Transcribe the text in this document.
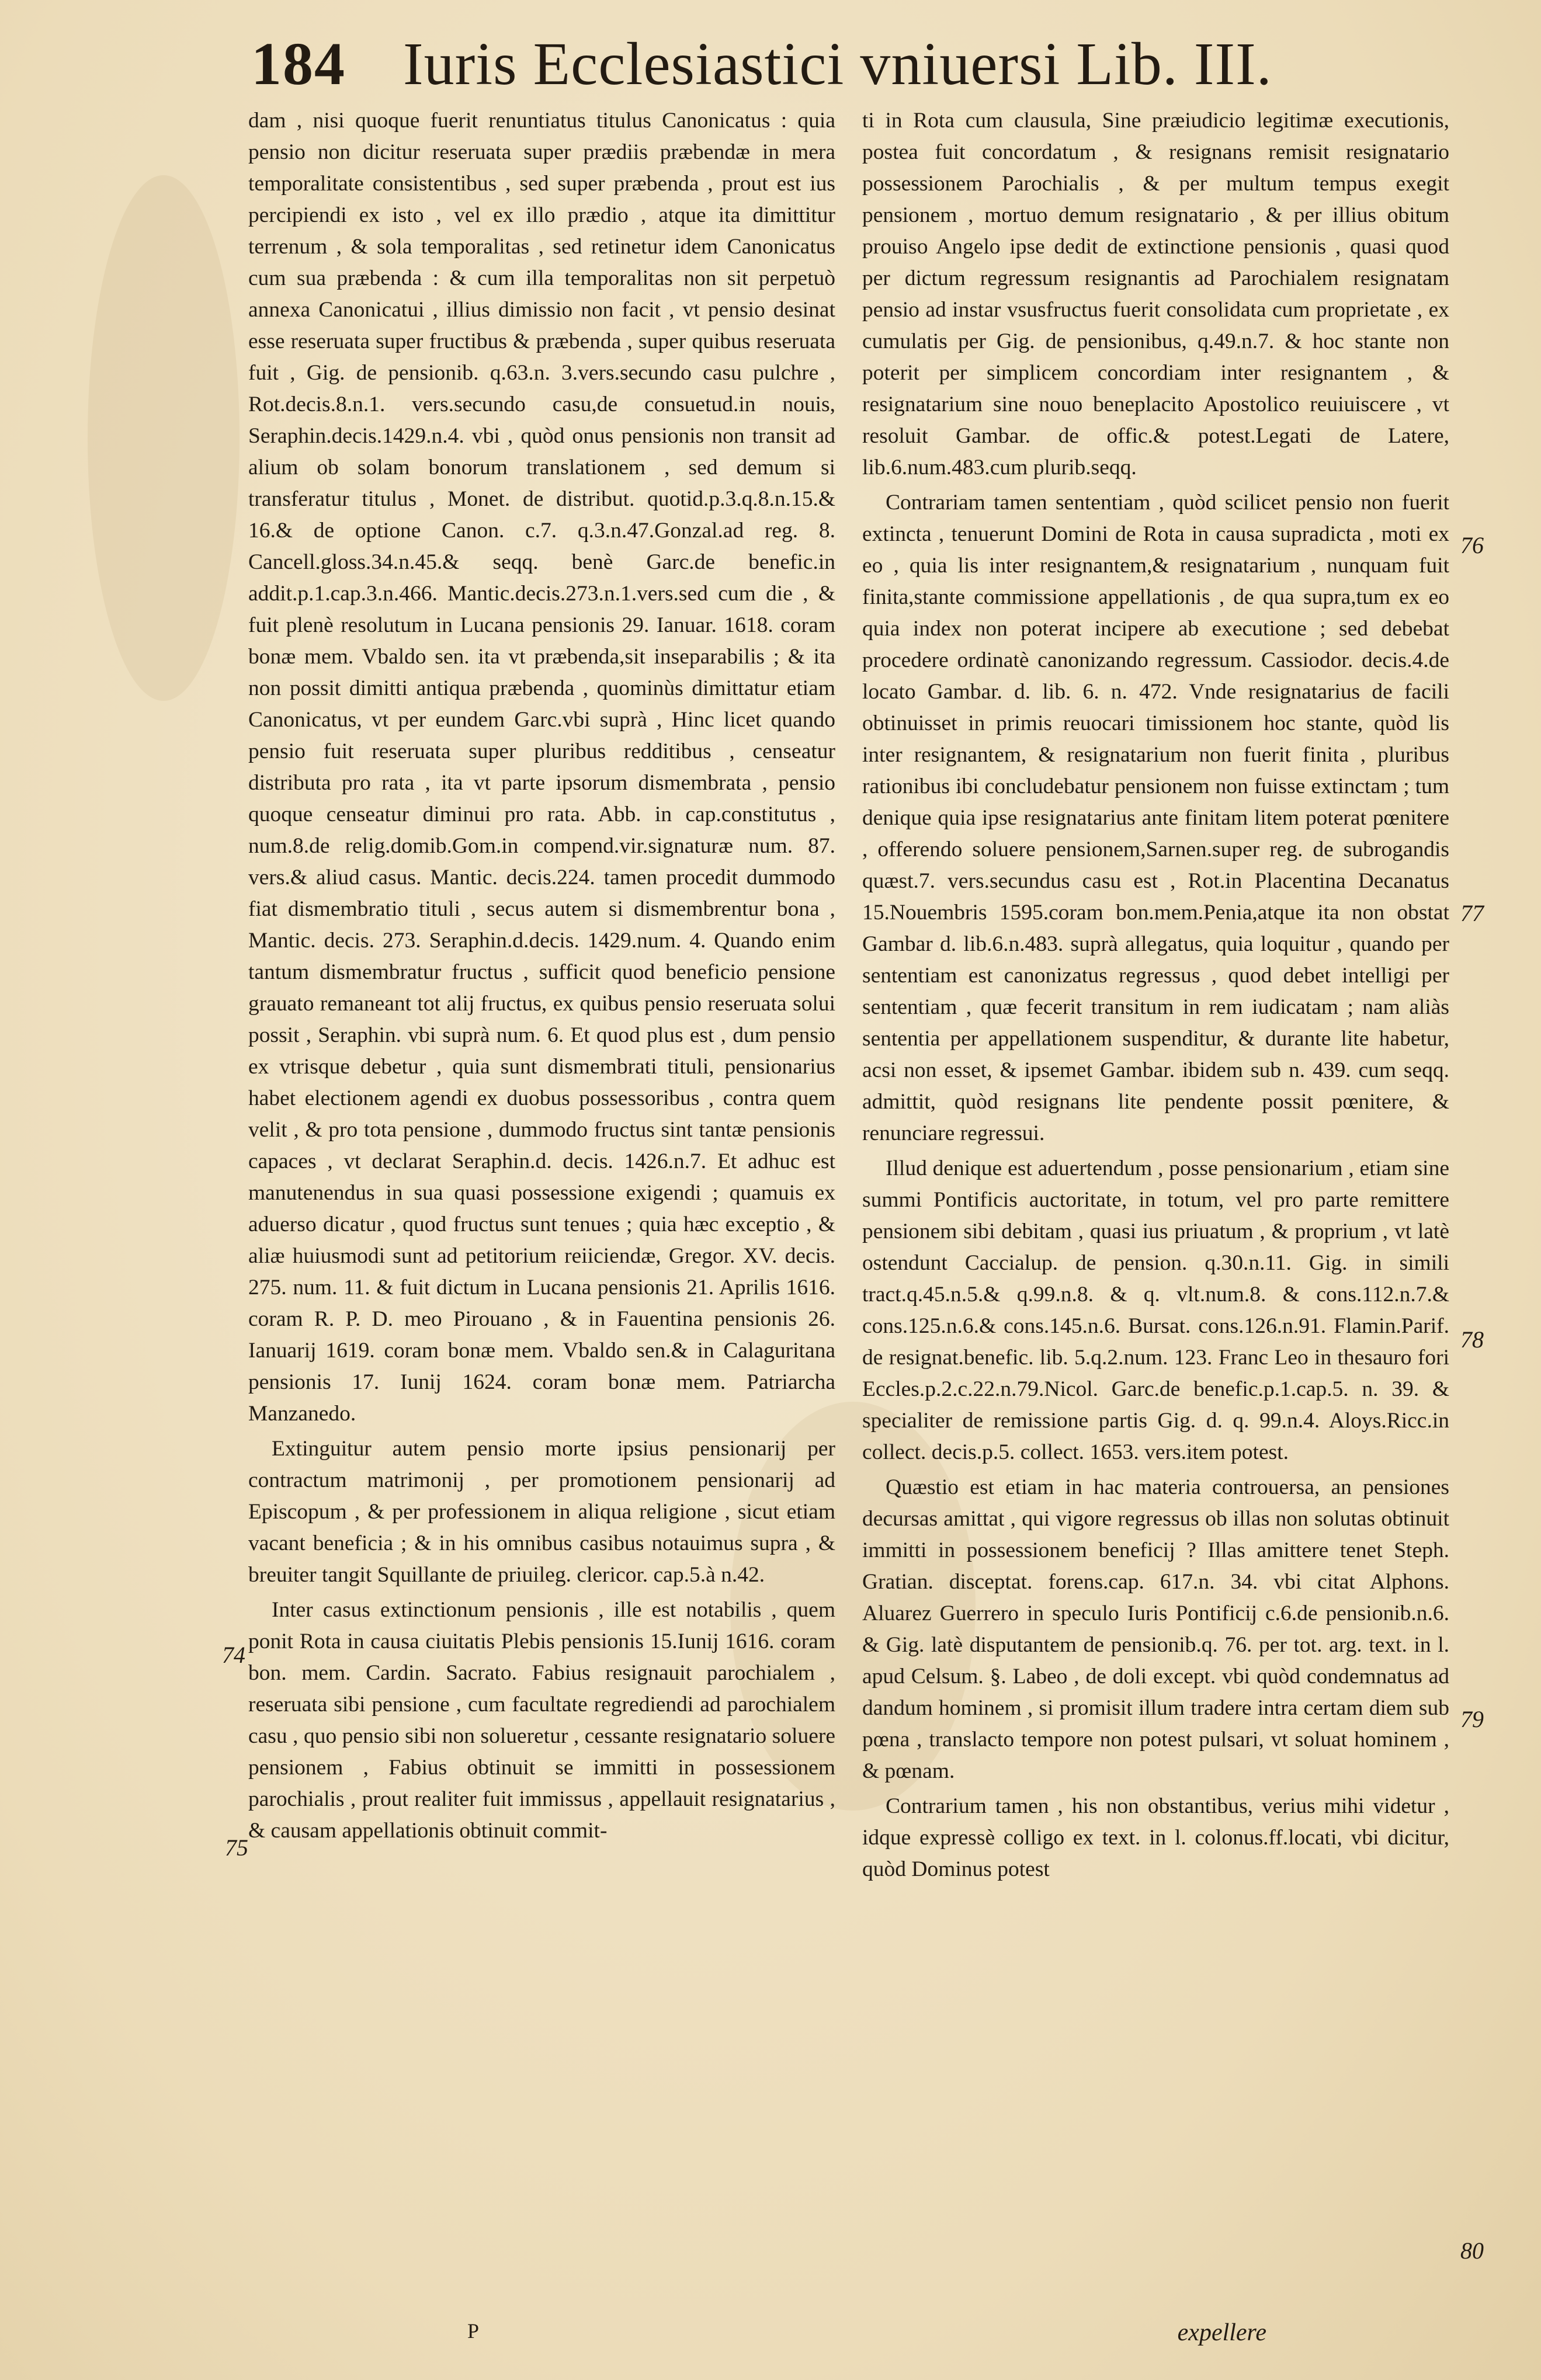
184 Iuris Ecclesiastici vniuersi Lib. III.

dam , nisi quoque fuerit renuntiatus titulus Canonicatus : quia pensio non dicitur reseruata super prædiis præbendæ in mera temporalitate consistentibus , sed super præbenda , prout est ius percipiendi ex isto , vel ex illo prædio , atque ita dimittitur terrenum , & sola temporalitas , sed retinetur idem Canonicatus cum sua præbenda : & cum illa temporalitas non sit perpetuò annexa Canonicatui , illius dimissio non facit , vt pensio desinat esse reseruata super fructibus & præbenda , super quibus reseruata fuit , Gig. de pensionib. q.63.n. 3.vers.secundo casu pulchre , Rot.decis.8.n.1. vers.secundo casu,de consuetud.in nouis, Seraphin.decis.1429.n.4. vbi , quòd onus pensionis non transit ad alium ob solam bonorum translationem , sed demum si transferatur titulus , Monet. de distribut. quotid.p.3.q.8.n.15.& 16.& de optione Canon. c.7. q.3.n.47.Gonzal.ad reg. 8. Cancell.gloss.34.n.45.& seqq. benè Garc.de benefic.in addit.p.1.cap.3.n.466. Mantic.decis.273.n.1.vers.sed cum die , & fuit plenè resolutum in Lucana pensionis 29. Ianuar. 1618. coram bonæ mem. Vbaldo sen. ita vt præbenda,sit inseparabilis ; & ita non possit dimitti antiqua præbenda , quominùs dimittatur etiam Canonicatus, vt per eundem Garc.vbi suprà , Hinc licet quando pensio fuit reseruata super pluribus redditibus , censeatur distributa pro rata , ita vt parte ipsorum dismembrata , pensio quoque censeatur diminui pro rata. Abb. in cap.constitutus , num.8.de relig.domib.Gom.in compend.vir.signaturæ num. 87. vers.& aliud casus. Mantic. decis.224. tamen procedit dummodo fiat dismembratio tituli , secus autem si dismembrentur bona , Mantic. decis. 273. Seraphin.d.decis. 1429.num. 4. Quando enim tantum dismembratur fructus , sufficit quod beneficio pensione grauato remaneant tot alij fructus, ex quibus pensio reseruata solui possit , Seraphin. vbi suprà num. 6. Et quod plus est , dum pensio ex vtrisque debetur , quia sunt dismembrati tituli, pensionarius habet electionem agendi ex duobus possessoribus , contra quem velit , & pro tota pensione , dummodo fructus sint tantæ pensionis capaces , vt declarat Seraphin.d. decis. 1426.n.7. Et adhuc est manutenendus in sua quasi possessione exigendi ; quamuis ex aduerso dicatur , quod fructus sunt tenues ; quia hæc exceptio , & aliæ huiusmodi sunt ad petitorium reiiciendæ, Gregor. XV. decis. 275. num. 11. & fuit dictum in Lucana pensionis 21. Aprilis 1616. coram R. P. D. meo Pirouano , & in Fauentina pensionis 26. Ianuarij 1619. coram bonæ mem. Vbaldo sen.& in Calaguritana pensionis 17. Iunij 1624. coram bonæ mem. Patriarcha Manzanedo.

Extinguitur autem pensio morte ipsius pensionarij per contractum matrimonij , per promotionem pensionarij ad Episcopum , & per professionem in aliqua religione , sicut etiam vacant beneficia ; & in his omnibus casibus notauimus supra , & breuiter tangit Squillante de priuileg. clericor. cap.5.à n.42.

Inter casus extinctionum pensionis , ille est notabilis , quem ponit Rota in causa ciuitatis Plebis pensionis 15.Iunij 1616. coram bon. mem. Cardin. Sacrato. Fabius resignauit parochialem , reseruata sibi pensione , cum facultate regrediendi ad parochialem casu , quo pensio sibi non solueretur , cessante resignatario soluere pensionem , Fabius obtinuit se immitti in possessionem parochialis , prout realiter fuit immissus , appellauit resignatarius , & causam appellationis obtinuit commit-

ti in Rota cum clausula, Sine præiudicio legitimæ executionis, postea fuit concordatum , & resignans remisit resignatario possessionem Parochialis , & per multum tempus exegit pensionem , mortuo demum resignatario , & per illius obitum prouiso Angelo ipse dedit de extinctione pensionis , quasi quod per dictum regressum resignantis ad Parochialem resignatam pensio ad instar vsusfructus fuerit consolidata cum proprietate , ex cumulatis per Gig. de pensionibus, q.49.n.7. & hoc stante non poterit per simplicem concordiam inter resignantem , & resignatarium sine nouo beneplacito Apostolico reuiuiscere , vt resoluit Gambar. de offic.& potest.Legati de Latere, lib.6.num.483.cum plurib.seqq.

Contrariam tamen sententiam , quòd scilicet pensio non fuerit extincta , tenuerunt Domini de Rota in causa supradicta , moti ex eo , quia lis inter resignantem,& resignatarium , nunquam fuit finita,stante commissione appellationis , de qua supra,tum ex eo quia index non poterat incipere ab executione ; sed debebat procedere ordinatè canonizando regressum. Cassiodor. decis.4.de locato Gambar. d. lib. 6. n. 472. Vnde resignatarius de facili obtinuisset in primis reuocari timissionem hoc stante, quòd lis inter resignantem, & resignatarium non fuerit finita , pluribus rationibus ibi concludebatur pensionem non fuisse extinctam ; tum denique quia ipse resignatarius ante finitam litem poterat pœnitere , offerendo soluere pensionem,Sarnen.super reg. de subrogandis quæst.7. vers.secundus casu est , Rot.in Placentina Decanatus 15.Nouembris 1595.coram bon.mem.Penia,atque ita non obstat Gambar d. lib.6.n.483. suprà allegatus, quia loquitur , quando per sententiam est canonizatus regressus , quod debet intelligi per sententiam , quæ fecerit transitum in rem iudicatam ; nam aliàs sententia per appellationem suspenditur, & durante lite habetur, acsi non esset, & ipsemet Gambar. ibidem sub n. 439. cum seqq. admittit, quòd resignans lite pendente possit pœnitere, & renunciare regressui.

Illud denique est aduertendum , posse pensionarium , etiam sine summi Pontificis auctoritate, in totum, vel pro parte remittere pensionem sibi debitam , quasi ius priuatum , & proprium , vt latè ostendunt Caccialup. de pension. q.30.n.11. Gig. in simili tract.q.45.n.5.& q.99.n.8. & q. vlt.num.8. & cons.112.n.7.& cons.125.n.6.& cons.145.n.6. Bursat. cons.126.n.91. Flamin.Parif. de resignat.benefic. lib. 5.q.2.num. 123. Franc Leo in thesauro fori Eccles.p.2.c.22.n.79.Nicol. Garc.de benefic.p.1.cap.5. n. 39. & specialiter de remissione partis Gig. d. q. 99.n.4. Aloys.Ricc.in collect. decis.p.5. collect. 1653. vers.item potest.

Quæstio est etiam in hac materia controuersa, an pensiones decursas amittat , qui vigore regressus ob illas non solutas obtinuit immitti in possessionem beneficij ? Illas amittere tenet Steph. Gratian. disceptat. forens.cap. 617.n. 34. vbi citat Alphons. Aluarez Guerrero in speculo Iuris Pontificij c.6.de pensionib.n.6. & Gig. latè disputantem de pensionib.q. 76. per tot. arg. text. in l. apud Celsum. §. Labeo , de doli except. vbi quòd condemnatus ad dandum hominem , si promisit illum tradere intra certam diem sub pœna , translacto tempore non potest pulsari, vt soluat hominem , & pœnam.

Contrarium tamen , his non obstantibus, verius mihi videtur , idque expressè colligo ex text. in l. colonus.ff.locati, vbi dicitur, quòd Dominus potest

74
75
76
77
78
79
80
P	expellere
